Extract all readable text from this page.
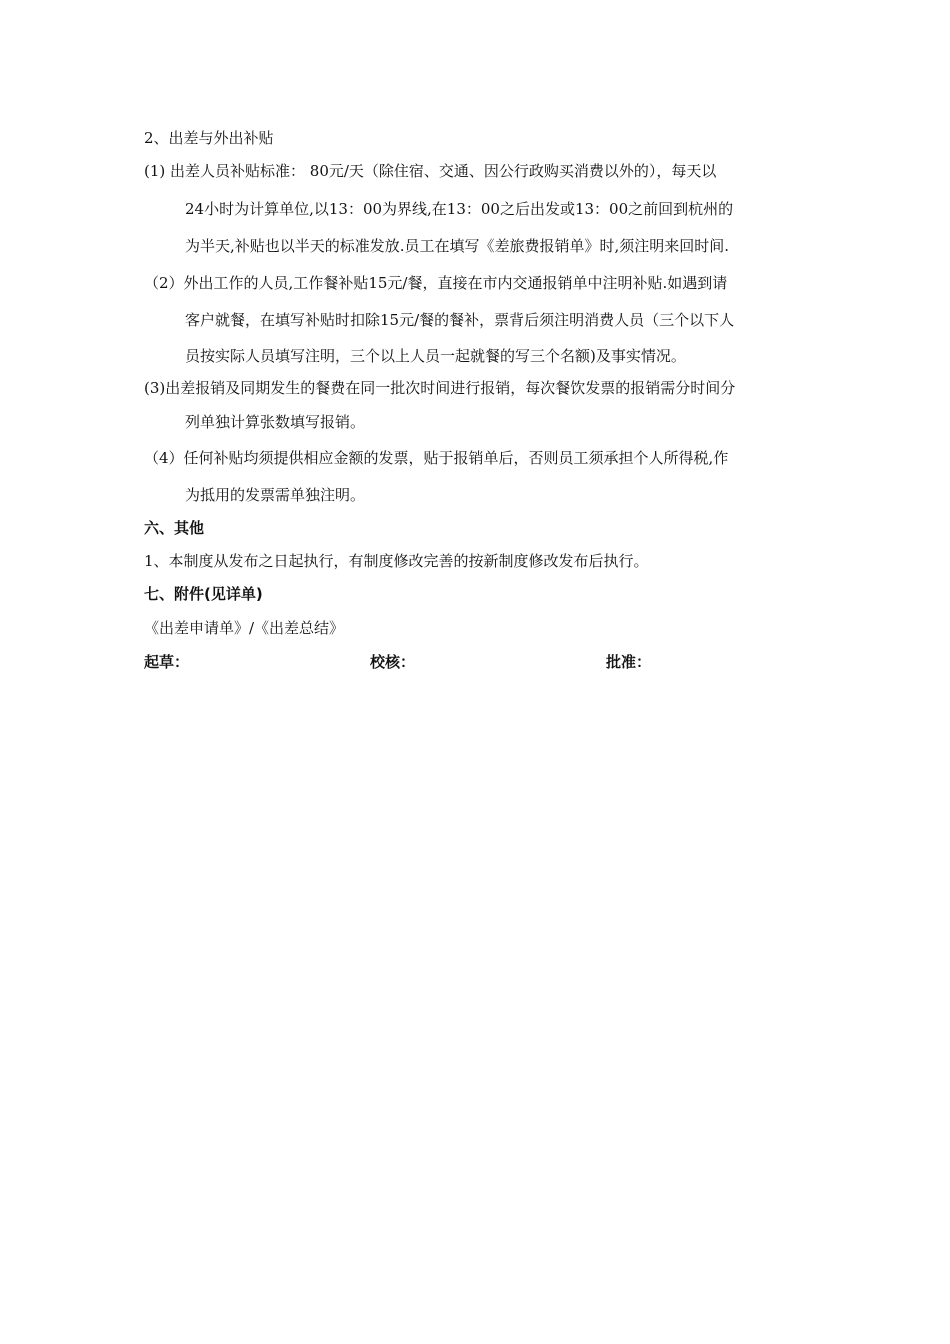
2、出差与外出补贴
(1) 出差人员补贴标准： 80元/天（除住宿、交通、因公行政购买消费以外的），每天以
24小时为计算单位,以13：00为界线,在13：00之后出发或13：00之前回到杭州的
为半天,补贴也以半天的标准发放.员工在填写《差旅费报销单》时,须注明来回时间.
（2）外出工作的人员,工作餐补贴15元/餐，直接在市内交通报销单中注明补贴.如遇到请
客户就餐，在填写补贴时扣除15元/餐的餐补，票背后须注明消费人员（三个以下人
员按实际人员填写注明，三个以上人员一起就餐的写三个名额)及事实情况。
(3)出差报销及同期发生的餐费在同一批次时间进行报销，每次餐饮发票的报销需分时间分
列单独计算张数填写报销。
（4）任何补贴均须提供相应金额的发票，贴于报销单后，否则员工须承担个人所得税,作
为抵用的发票需单独注明。
六、其他
1、本制度从发布之日起执行，有制度修改完善的按新制度修改发布后执行。
七、附件(见详单)
《出差申请单》/《出差总结》
起草：	校核：	批准：
